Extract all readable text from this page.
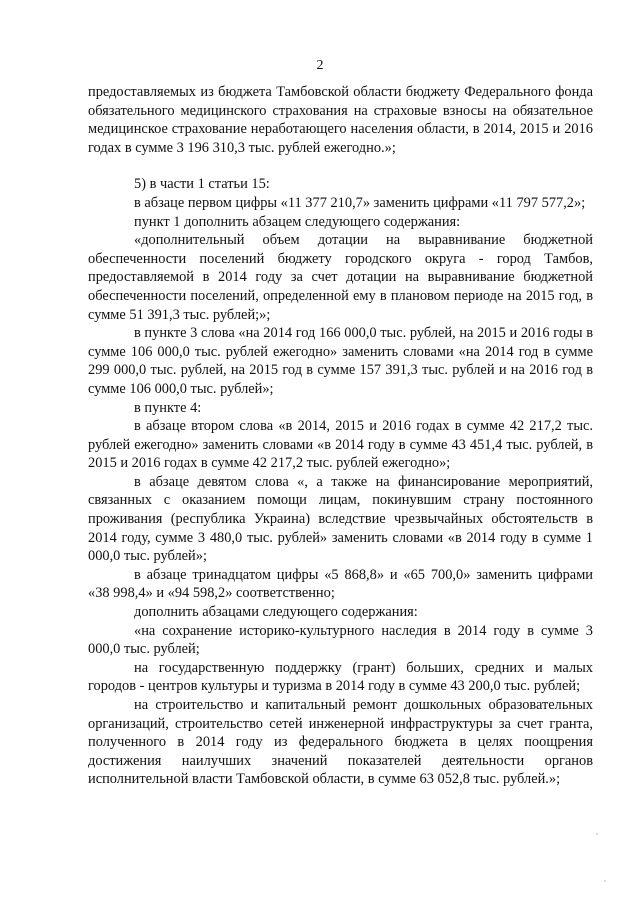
2

предоставляемых из бюджета Тамбовской области бюджету Федерального фонда обязательного медицинского страхования на страховые взносы на обязательное медицинское страхование неработающего населения области, в 2014, 2015 и 2016 годах в сумме 3 196 310,3 тыс. рублей ежегодно.»;

5) в части 1 статьи 15:

в абзаце первом цифры «11 377 210,7» заменить цифрами «11 797 577,2»;

пункт 1 дополнить абзацем следующего содержания:

«дополнительный объем дотации на выравнивание бюджетной обеспеченности поселений бюджету городского округа - город Тамбов, предоставляемой в 2014 году за счет дотации на выравнивание бюджетной обеспеченности поселений, определенной ему в плановом периоде на 2015 год, в сумме 51 391,3 тыс. рублей;»;

в пункте 3 слова «на 2014 год 166 000,0 тыс. рублей, на 2015 и 2016 годы в сумме 106 000,0 тыс. рублей ежегодно» заменить словами «на 2014 год в сумме 299 000,0 тыс. рублей, на 2015 год в сумме 157 391,3 тыс. рублей и на 2016 год в сумме 106 000,0 тыс. рублей»;

в пункте 4:

в абзаце втором слова «в 2014, 2015 и 2016 годах в сумме 42 217,2 тыс. рублей ежегодно» заменить словами «в 2014 году в сумме 43 451,4 тыс. рублей, в 2015 и 2016 годах в сумме 42 217,2 тыс. рублей ежегодно»;

в абзаце девятом слова «, а также на финансирование мероприятий, связанных с оказанием помощи лицам, покинувшим страну постоянного проживания (республика Украина) вследствие чрезвычайных обстоятельств в 2014 году, сумме 3 480,0 тыс. рублей» заменить словами «в 2014 году в сумме 1 000,0 тыс. рублей»;

в абзаце тринадцатом цифры «5 868,8» и «65 700,0» заменить цифрами «38 998,4» и «94 598,2» соответственно;

дополнить абзацами следующего содержания:

«на сохранение историко-культурного наследия в 2014 году в сумме 3 000,0 тыс. рублей;

на государственную поддержку (грант) больших, средних и малых городов - центров культуры и туризма в 2014 году в сумме 43 200,0 тыс. рублей;

на строительство и капитальный ремонт дошкольных образовательных организаций, строительство сетей инженерной инфраструктуры за счет гранта, полученного в 2014 году из федерального бюджета в целях поощрения достижения наилучших значений показателей деятельности органов исполнительной власти Тамбовской области, в сумме 63 052,8 тыс. рублей.»;
